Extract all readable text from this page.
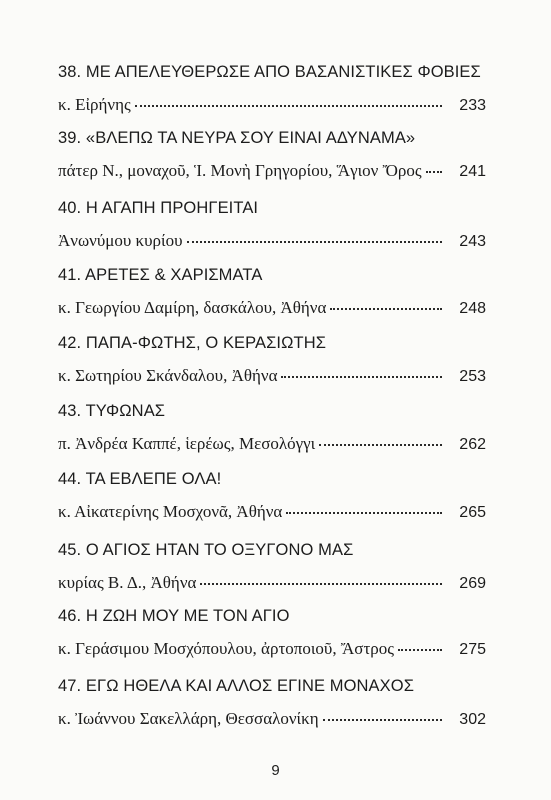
38. ΜΕ ΑΠΕΛΕΥΘΕΡΩΣΕ ΑΠΟ ΒΑΣΑΝΙΣΤΙΚΕΣ ΦΟΒΙΕΣ
κ. Εἰρήνης	233
39. «ΒΛΕΠΩ ΤΑ ΝΕΥΡΑ ΣΟΥ ΕΙΝΑΙ ΑΔΥΝΑΜΑ»
πάτερ Ν., μοναχοῦ, Ἱ. Μονὴ Γρηγορίου, Ἅγιον Ὄρος	241
40. Η ΑΓΑΠΗ ΠΡΟΗΓΕΙΤΑΙ
Ἀνωνύμου κυρίου	243
41. ΑΡΕΤΕΣ & ΧΑΡΙΣΜΑΤΑ
κ. Γεωργίου Δαμίρη, δασκάλου, Ἀθήνα	248
42. ΠΑΠΑ-ΦΩΤΗΣ, Ο ΚΕΡΑΣΙΩΤΗΣ
κ. Σωτηρίου Σκάνδαλου, Ἀθήνα	253
43. ΤΥΦΩΝΑΣ
π. Ἀνδρέα Καππέ, ἱερέως, Μεσολόγγι	262
44. ΤΑ ΕΒΛΕΠΕ ΟΛΑ!
κ. Αἰκατερίνης Μοσχονᾶ, Ἀθήνα	265
45. Ο ΑΓΙΟΣ ΗΤΑΝ ΤΟ ΟΞΥΓΟΝΟ ΜΑΣ
κυρίας Β. Δ., Ἀθήνα	269
46. Η ΖΩΗ ΜΟΥ ΜΕ ΤΟΝ ΑΓΙΟ
κ. Γεράσιμου Μοσχόπουλου, ἀρτοποιοῦ, Ἄστρος	275
47. ΕΓΩ ΗΘΕΛΑ ΚΑΙ ΑΛΛΟΣ ΕΓΙΝΕ ΜΟΝΑΧΟΣ
κ. Ἰωάννου Σακελλάρη, Θεσσαλονίκη	302
9
